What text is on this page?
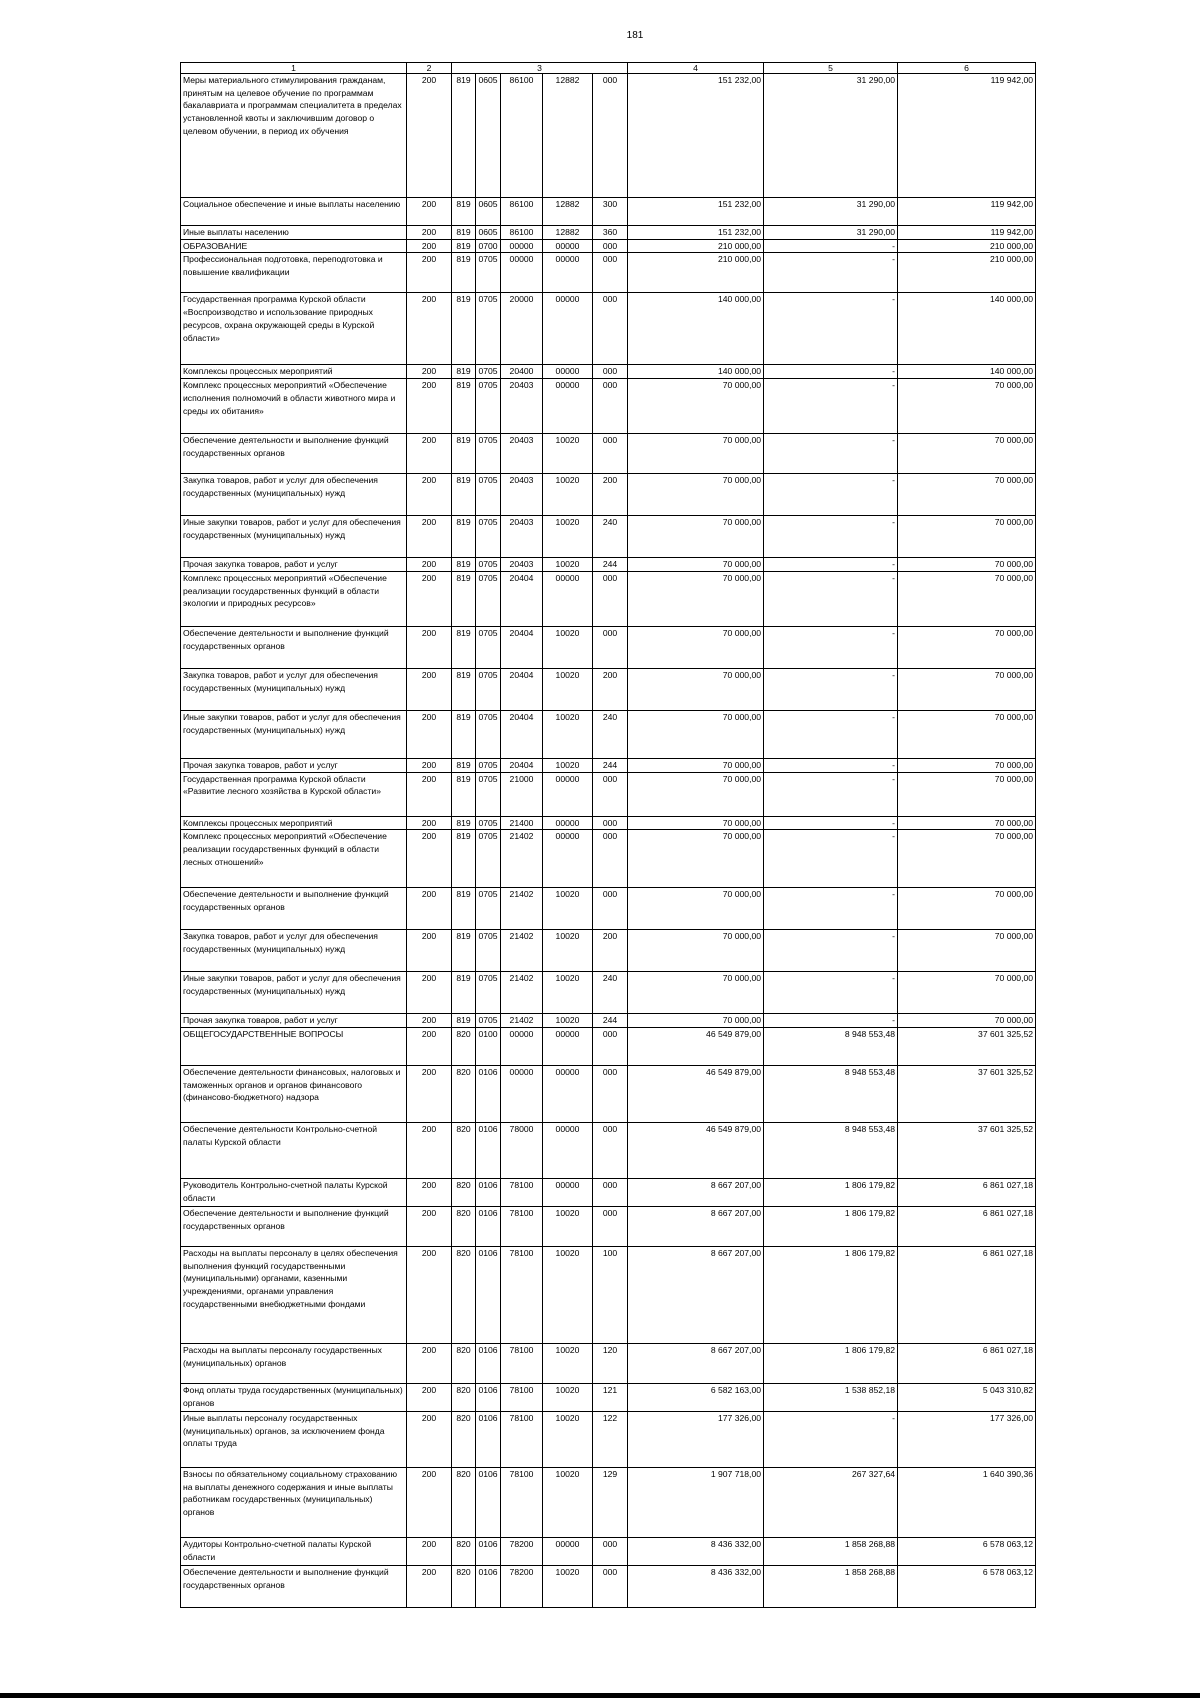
181
1	2	3					4	5	6
Меры материального стимулирования гражданам, принятым на целевое обучение по программам бакалавриата и программам специалитета в пределах установленной квоты и заключившим договор о целевом обучении, в период их обучения	200	819	0605	86100	12882	000	151 232,00	31 290,00	119 942,00
Социальное обеспечение и иные выплаты населению	200	819	0605	86100	12882	300	151 232,00	31 290,00	119 942,00
Иные выплаты населению	200	819	0605	86100	12882	360	151 232,00	31 290,00	119 942,00
ОБРАЗОВАНИЕ	200	819	0700	00000	00000	000	210 000,00	-	210 000,00
Профессиональная подготовка, переподготовка и повышение квалификации	200	819	0705	00000	00000	000	210 000,00	-	210 000,00
Государственная программа Курской области «Воспроизводство и использование природных ресурсов, охрана окружающей среды в Курской области»	200	819	0705	20000	00000	000	140 000,00	-	140 000,00
Комплексы процессных мероприятий	200	819	0705	20400	00000	000	140 000,00	-	140 000,00
Комплекс процессных мероприятий «Обеспечение исполнения полномочий в области животного мира и среды их обитания»	200	819	0705	20403	00000	000	70 000,00	-	70 000,00
Обеспечение деятельности и выполнение функций государственных органов	200	819	0705	20403	10020	000	70 000,00	-	70 000,00
Закупка товаров, работ и услуг для обеспечения государственных (муниципальных) нужд	200	819	0705	20403	10020	200	70 000,00	-	70 000,00
Иные закупки товаров, работ и услуг для обеспечения государственных (муниципальных) нужд	200	819	0705	20403	10020	240	70 000,00	-	70 000,00
Прочая закупка товаров, работ и услуг	200	819	0705	20403	10020	244	70 000,00	-	70 000,00
Комплекс процессных мероприятий «Обеспечение реализации государственных функций в области экологии и природных ресурсов»	200	819	0705	20404	00000	000	70 000,00	-	70 000,00
Обеспечение деятельности и выполнение функций государственных органов	200	819	0705	20404	10020	000	70 000,00	-	70 000,00
Закупка товаров, работ и услуг для обеспечения государственных (муниципальных) нужд	200	819	0705	20404	10020	200	70 000,00	-	70 000,00
Иные закупки товаров, работ и услуг для обеспечения государственных (муниципальных) нужд	200	819	0705	20404	10020	240	70 000,00	-	70 000,00
Прочая закупка товаров, работ и услуг	200	819	0705	20404	10020	244	70 000,00	-	70 000,00
Государственная программа Курской области «Развитие лесного хозяйства в Курской области»	200	819	0705	21000	00000	000	70 000,00	-	70 000,00
Комплексы процессных мероприятий	200	819	0705	21400	00000	000	70 000,00	-	70 000,00
Комплекс процессных мероприятий «Обеспечение реализации государственных функций в области лесных отношений»	200	819	0705	21402	00000	000	70 000,00	-	70 000,00
Обеспечение деятельности и выполнение функций государственных органов	200	819	0705	21402	10020	000	70 000,00	-	70 000,00
Закупка товаров, работ и услуг для обеспечения государственных (муниципальных) нужд	200	819	0705	21402	10020	200	70 000,00	-	70 000,00
Иные закупки товаров, работ и услуг для обеспечения государственных (муниципальных) нужд	200	819	0705	21402	10020	240	70 000,00	-	70 000,00
Прочая закупка товаров, работ и услуг	200	819	0705	21402	10020	244	70 000,00	-	70 000,00
ОБЩЕГОСУДАРСТВЕННЫЕ ВОПРОСЫ	200	820	0100	00000	00000	000	46 549 879,00	8 948 553,48	37 601 325,52
Обеспечение деятельности финансовых, налоговых и таможенных органов и органов финансового (финансово-бюджетного) надзора	200	820	0106	00000	00000	000	46 549 879,00	8 948 553,48	37 601 325,52
Обеспечение деятельности Контрольно-счетной палаты Курской области	200	820	0106	78000	00000	000	46 549 879,00	8 948 553,48	37 601 325,52
Руководитель Контрольно-счетной палаты Курской области	200	820	0106	78100	00000	000	8 667 207,00	1 806 179,82	6 861 027,18
Обеспечение деятельности и выполнение функций государственных органов	200	820	0106	78100	10020	000	8 667 207,00	1 806 179,82	6 861 027,18
Расходы на выплаты персоналу в целях обеспечения выполнения функций государственными (муниципальными) органами, казенными учреждениями, органами управления государственными внебюджетными фондами	200	820	0106	78100	10020	100	8 667 207,00	1 806 179,82	6 861 027,18
Расходы на выплаты персоналу государственных (муниципальных) органов	200	820	0106	78100	10020	120	8 667 207,00	1 806 179,82	6 861 027,18
Фонд оплаты труда государственных (муниципальных) органов	200	820	0106	78100	10020	121	6 582 163,00	1 538 852,18	5 043 310,82
Иные выплаты персоналу государственных (муниципальных) органов, за исключением фонда оплаты труда	200	820	0106	78100	10020	122	177 326,00	-	177 326,00
Взносы по обязательному социальному страхованию на выплаты денежного содержания и иные выплаты работникам государственных (муниципальных) органов	200	820	0106	78100	10020	129	1 907 718,00	267 327,64	1 640 390,36
Аудиторы Контрольно-счетной палаты Курской области	200	820	0106	78200	00000	000	8 436 332,00	1 858 268,88	6 578 063,12
Обеспечение деятельности и выполнение функций государственных органов	200	820	0106	78200	10020	000	8 436 332,00	1 858 268,88	6 578 063,12
